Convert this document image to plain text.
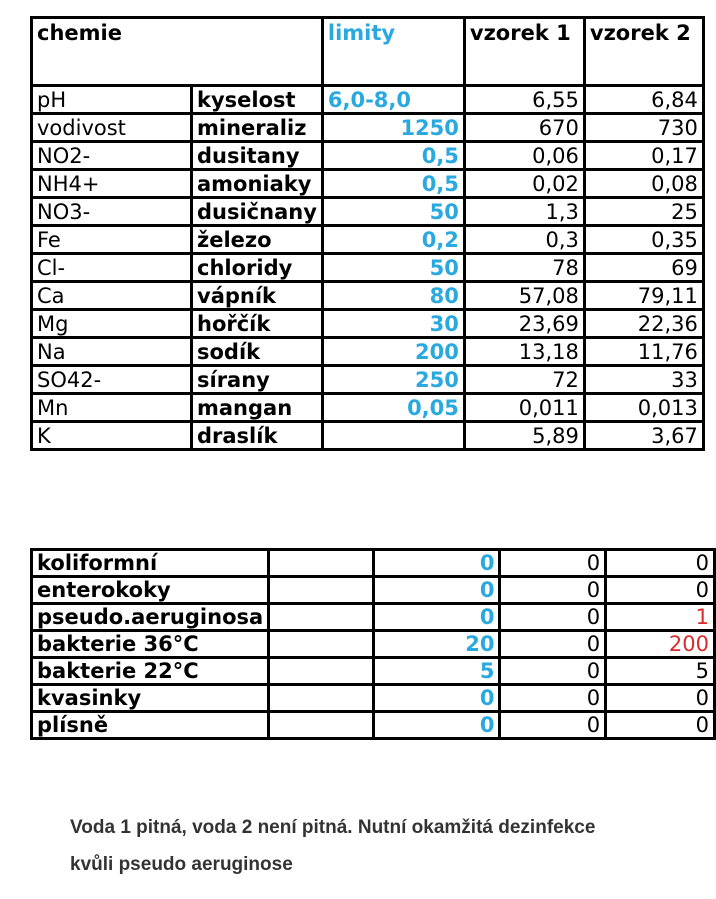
chemie		limity	vzorek 1	vzorek 2
pH	kyselost	6,0-8,0	6,55	6,84
vodivost	mineraliz	1250	670	730
NO2-	dusitany	0,5	0,06	0,17
NH4+	amoniaky	0,5	0,02	0,08
NO3-	dusičnany	50	1,3	25
Fe	železo	0,2	0,3	0,35
Cl-	chloridy	50	78	69
Ca	vápník	80	57,08	79,11
Mg	hořčík	30	23,69	22,36
Na	sodík	200	13,18	11,76
SO42-	sírany	250	72	33
Mn	mangan	0,05	0,011	0,013
K	draslík		5,89	3,67
koliformní		0	0	0
enterokoky		0	0	0
pseudo.aeruginosa		0	0	1
bakterie 36°C		20	0	200
bakterie 22°C		5	0	5
kvasinky		0	0	0
plísně		0	0	0
Voda 1 pitná, voda 2 není pitná. Nutní okamžitá dezinfekce
kvůli pseudo aeruginose
